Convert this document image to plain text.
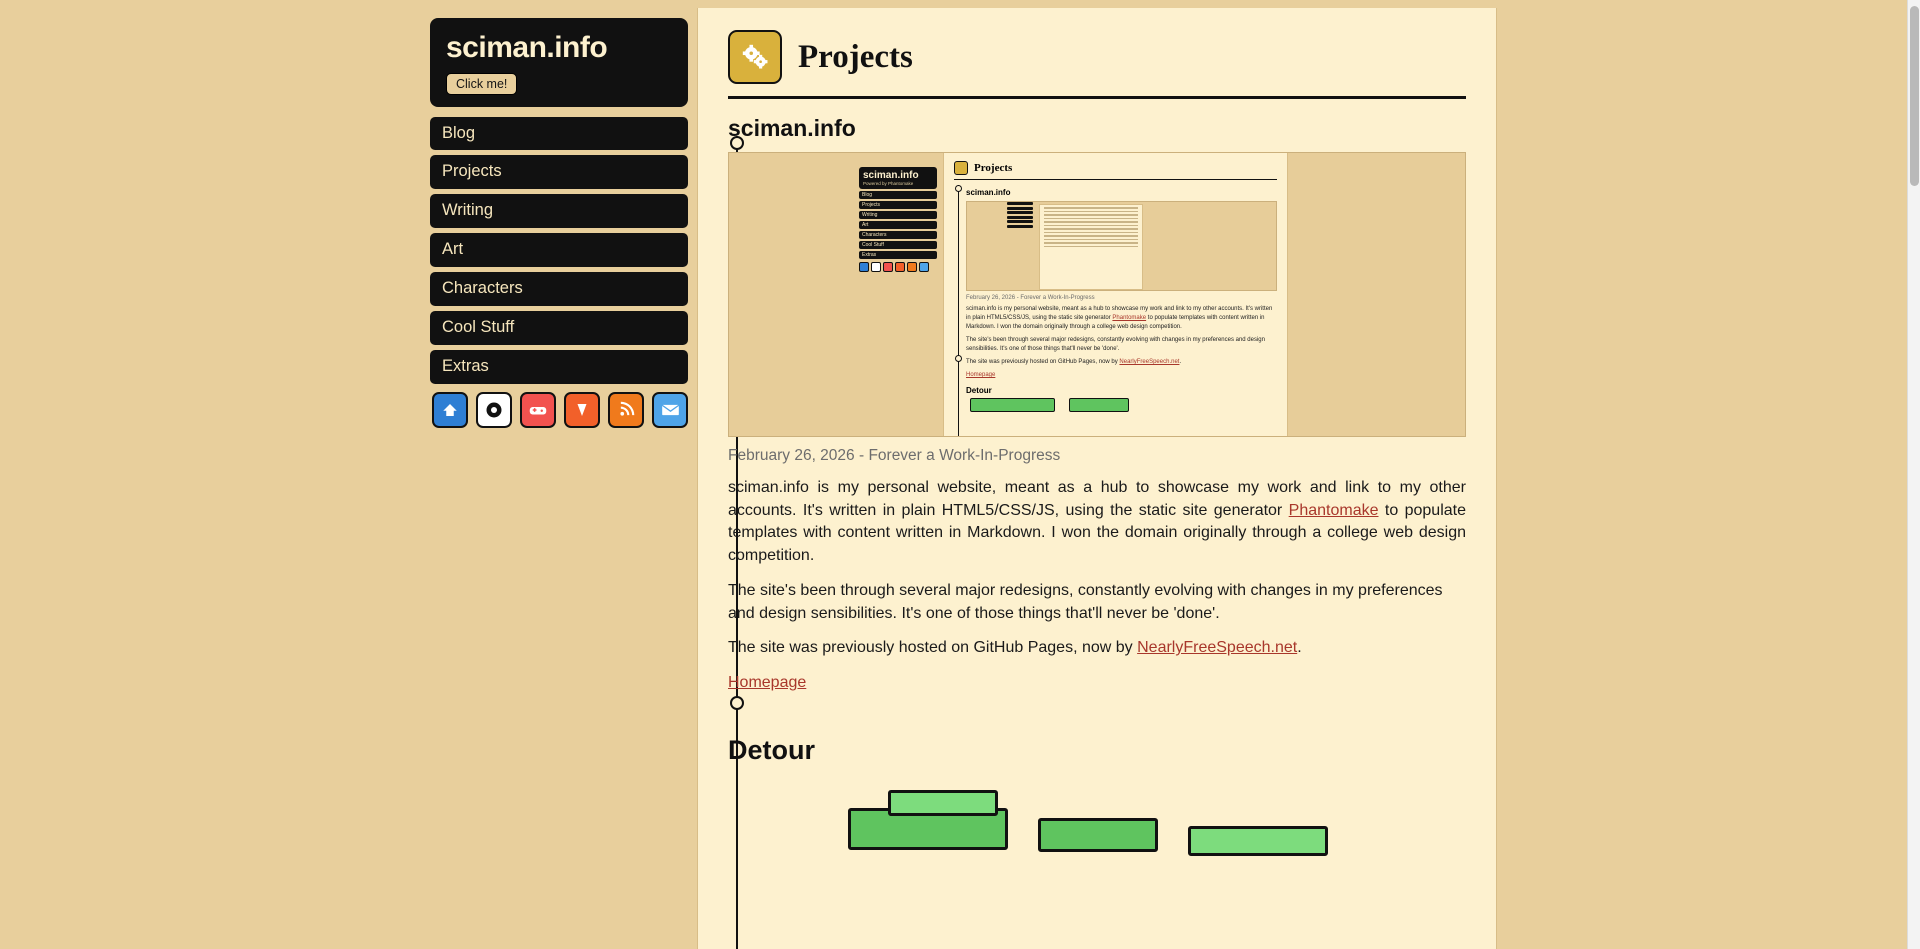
sciman.info
Click me!
Blog
Projects
Writing
Art
Characters
Cool Stuff
Extras
Projects
sciman.info
sciman.info
Powered by Phantomake
Blog
Projects
Writing
Art
Characters
Cool Stuff
Extras
Projects
sciman.info
February 26, 2026 - Forever a Work-In-Progress
sciman.info is my personal website, meant as a hub to showcase my work and link to my other accounts. It's written in plain HTML5/CSS/JS, using the static site generator Phantomake to populate templates with content written in Markdown. I won the domain originally through a college web design competition.
The site's been through several major redesigns, constantly evolving with changes in my preferences and design sensibilities. It's one of those things that'll never be 'done'.
The site was previously hosted on GitHub Pages, now by NearlyFreeSpeech.net.
Homepage
Detour
February 26, 2026 - Forever a Work-In-Progress

sciman.info is my personal website, meant as a hub to showcase my work and link to my other accounts. It's written in plain HTML5/CSS/JS, using the static site generator Phantomake to populate templates with content written in Markdown. I won the domain originally through a college web design competition.

The site's been through several major redesigns, constantly evolving with changes in my preferences and design sensibilities. It's one of those things that'll never be 'done'.

The site was previously hosted on GitHub Pages, now by NearlyFreeSpeech.net.

Homepage

Detour
